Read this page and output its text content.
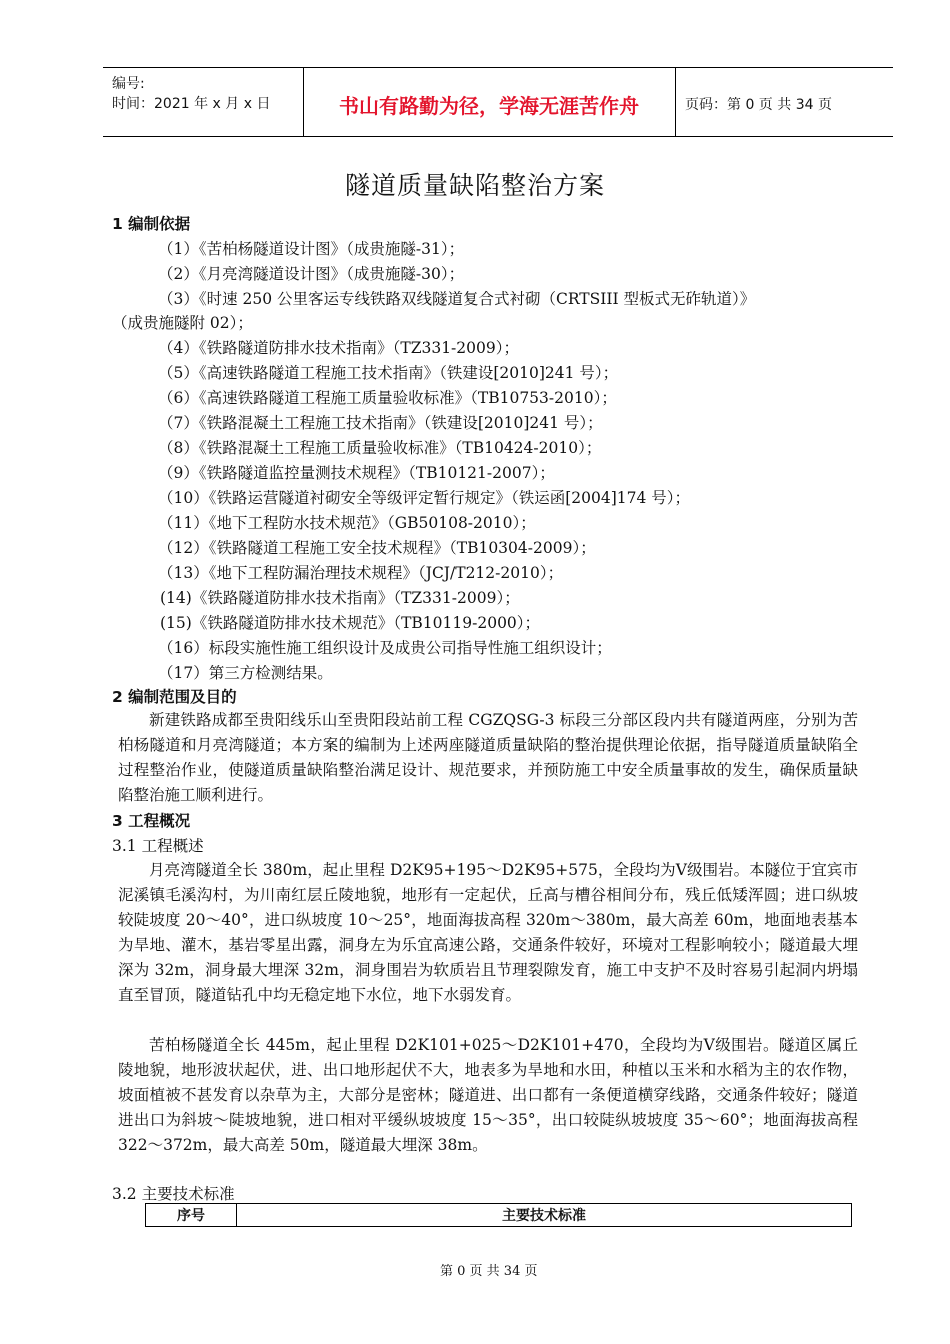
编号:
时间：2021 年 x 月 x 日	书山有路勤为径，学海无涯苦作舟	页码：第 0 页 共 34 页
隧道质量缺陷整治方案
1 编制依据
（1）《苦柏杨隧道设计图》（成贵施隧-31）；
（2）《月亮湾隧道设计图》（成贵施隧-30）；
（3）《时速 250 公里客运专线铁路双线隧道复合式衬砌（CRTSIII 型板式无砟轨道）》
（成贵施隧附 02）；
（4）《铁路隧道防排水技术指南》（TZ331-2009）；
（5）《高速铁路隧道工程施工技术指南》（铁建设[2010]241 号）；
（6）《高速铁路隧道工程施工质量验收标准》（TB10753-2010）；
（7）《铁路混凝土工程施工技术指南》（铁建设[2010]241 号）；
（8）《铁路混凝土工程施工质量验收标准》（TB10424-2010）；
（9）《铁路隧道监控量测技术规程》（TB10121-2007）；
（10）《铁路运营隧道衬砌安全等级评定暂行规定》（铁运函[2004]174 号）；
（11）《地下工程防水技术规范》（GB50108-2010）；
（12）《铁路隧道工程施工安全技术规程》（TB10304-2009）；
（13）《地下工程防漏治理技术规程》（JCJ/T212-2010）；
(14)《铁路隧道防排水技术指南》（TZ331-2009）；
(15)《铁路隧道防排水技术规范》（TB10119-2000）；
（16）标段实施性施工组织设计及成贵公司指导性施工组织设计；
（17）第三方检测结果。
2 编制范围及目的
新建铁路成都至贵阳线乐山至贵阳段站前工程 CGZQSG-3 标段三分部区段内共有隧道两座，分别为苦柏杨隧道和月亮湾隧道；本方案的编制为上述两座隧道质量缺陷的整治提供理论依据，指导隧道质量缺陷全过程整治作业，使隧道质量缺陷整治满足设计、规范要求，并预防施工中安全质量事故的发生，确保质量缺陷整治施工顺利进行。
3 工程概况
3.1 工程概述
月亮湾隧道全长 380m，起止里程 D2K95+195～D2K95+575，全段均为Ⅴ级围岩。本隧位于宜宾市泥溪镇毛溪沟村，为川南红层丘陵地貌，地形有一定起伏，丘高与槽谷相间分布，残丘低矮浑圆；进口纵坡较陡坡度 20～40°，进口纵坡度 10～25°，地面海拔高程 320m～380m，最大高差 60m，地面地表基本为旱地、灌木，基岩零星出露，洞身左为乐宜高速公路，交通条件较好，环境对工程影响较小；隧道最大埋深为 32m，洞身最大埋深 32m，洞身围岩为软质岩且节理裂隙发育，施工中支护不及时容易引起洞内坍塌直至冒顶，隧道钻孔中均无稳定地下水位，地下水弱发育。
苦柏杨隧道全长 445m，起止里程 D2K101+025～D2K101+470，全段均为Ⅴ级围岩。隧道区属丘陵地貌，地形波状起伏，进、出口地形起伏不大，地表多为旱地和水田，种植以玉米和水稻为主的农作物，坡面植被不甚发育以杂草为主，大部分是密林；隧道进、出口都有一条便道横穿线路，交通条件较好；隧道进出口为斜坡～陡坡地貌，进口相对平缓纵坡坡度 15～35°，出口较陡纵坡坡度 35～60°；地面海拔高程 322～372m，最大高差 50m，隧道最大埋深 38m。
3.2 主要技术标准
序号	主要技术标准
第 0 页 共 34 页
